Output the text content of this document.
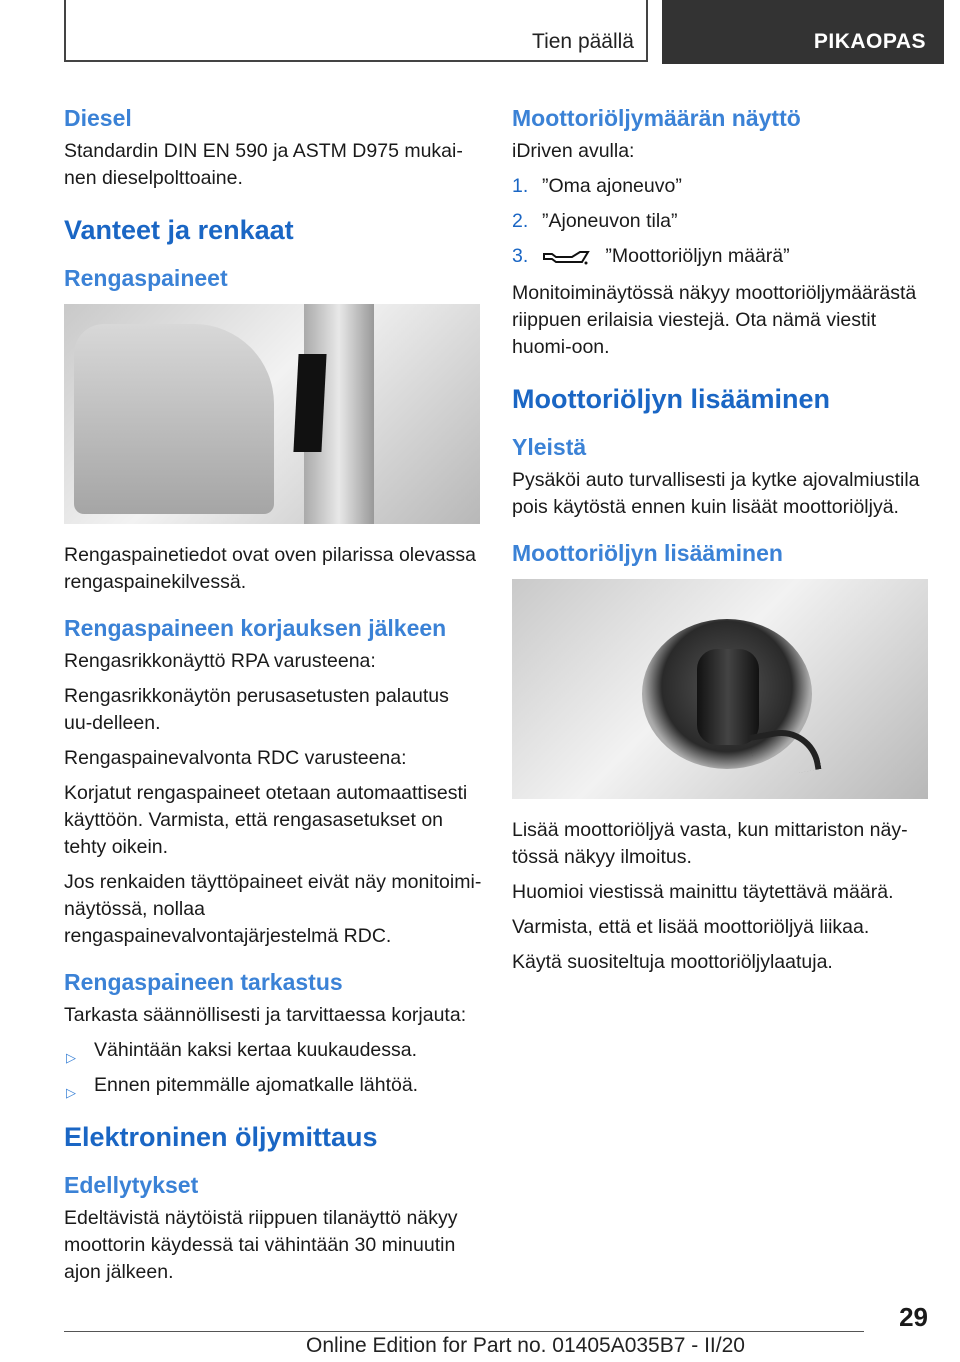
Tien päällä	PIKAOPAS
Diesel

Standardin DIN EN 590 ja ASTM D975 mukai-nen dieselpolttoaine.

Vanteet ja renkaat
Rengaspaineet

Rengaspainetiedot ovat oven pilarissa olevassa rengaspainekilvessä.

Rengaspaineen korjauksen jälkeen

Rengasrikkonäyttö RPA varusteena:

Rengasrikkonäytön perusasetusten palautus uu-delleen.

Rengaspainevalvonta RDC varusteena:

Korjatut rengaspaineet otetaan automaattisesti käyttöön. Varmista, että rengasasetukset on tehty oikein.

Jos renkaiden täyttöpaineet eivät näy monitoimi-näytössä, nollaa rengaspainevalvontajärjestelmä RDC.

Rengaspaineen tarkastus

Tarkasta säännöllisesti ja tarvittaessa korjauta:

▷ Vähintään kaksi kertaa kuukaudessa.
▷ Ennen pitemmälle ajomatkalle lähtöä.
Elektroninen öljymittaus
Edellytykset

Edeltävistä näytöistä riippuen tilanäyttö näkyy moottorin käydessä tai vähintään 30 minuutin ajon jälkeen.

Moottoriöljymäärän näyttö

iDriven avulla:

1. ”Oma ajoneuvo”
2. ”Ajoneuvon tila”
3.	”Moottoriöljyn määrä”

Monitoiminäytössä näkyy moottoriöljymäärästä riippuen erilaisia viestejä. Ota nämä viestit huomi-oon.

Moottoriöljyn lisääminen
Yleistä

Pysäköi auto turvallisesti ja kytke ajovalmiustila pois käytöstä ennen kuin lisäät moottoriöljyä.

Moottoriöljyn lisääminen

Lisää moottoriöljyä vasta, kun mittariston näy-tössä näkyy ilmoitus.

Huomioi viestissä mainittu täytettävä määrä.

Varmista, että et lisää moottoriöljyä liikaa.

Käytä suositeltuja moottoriöljylaatuja.

29
Online Edition for Part no. 01405A035B7 - II/20
